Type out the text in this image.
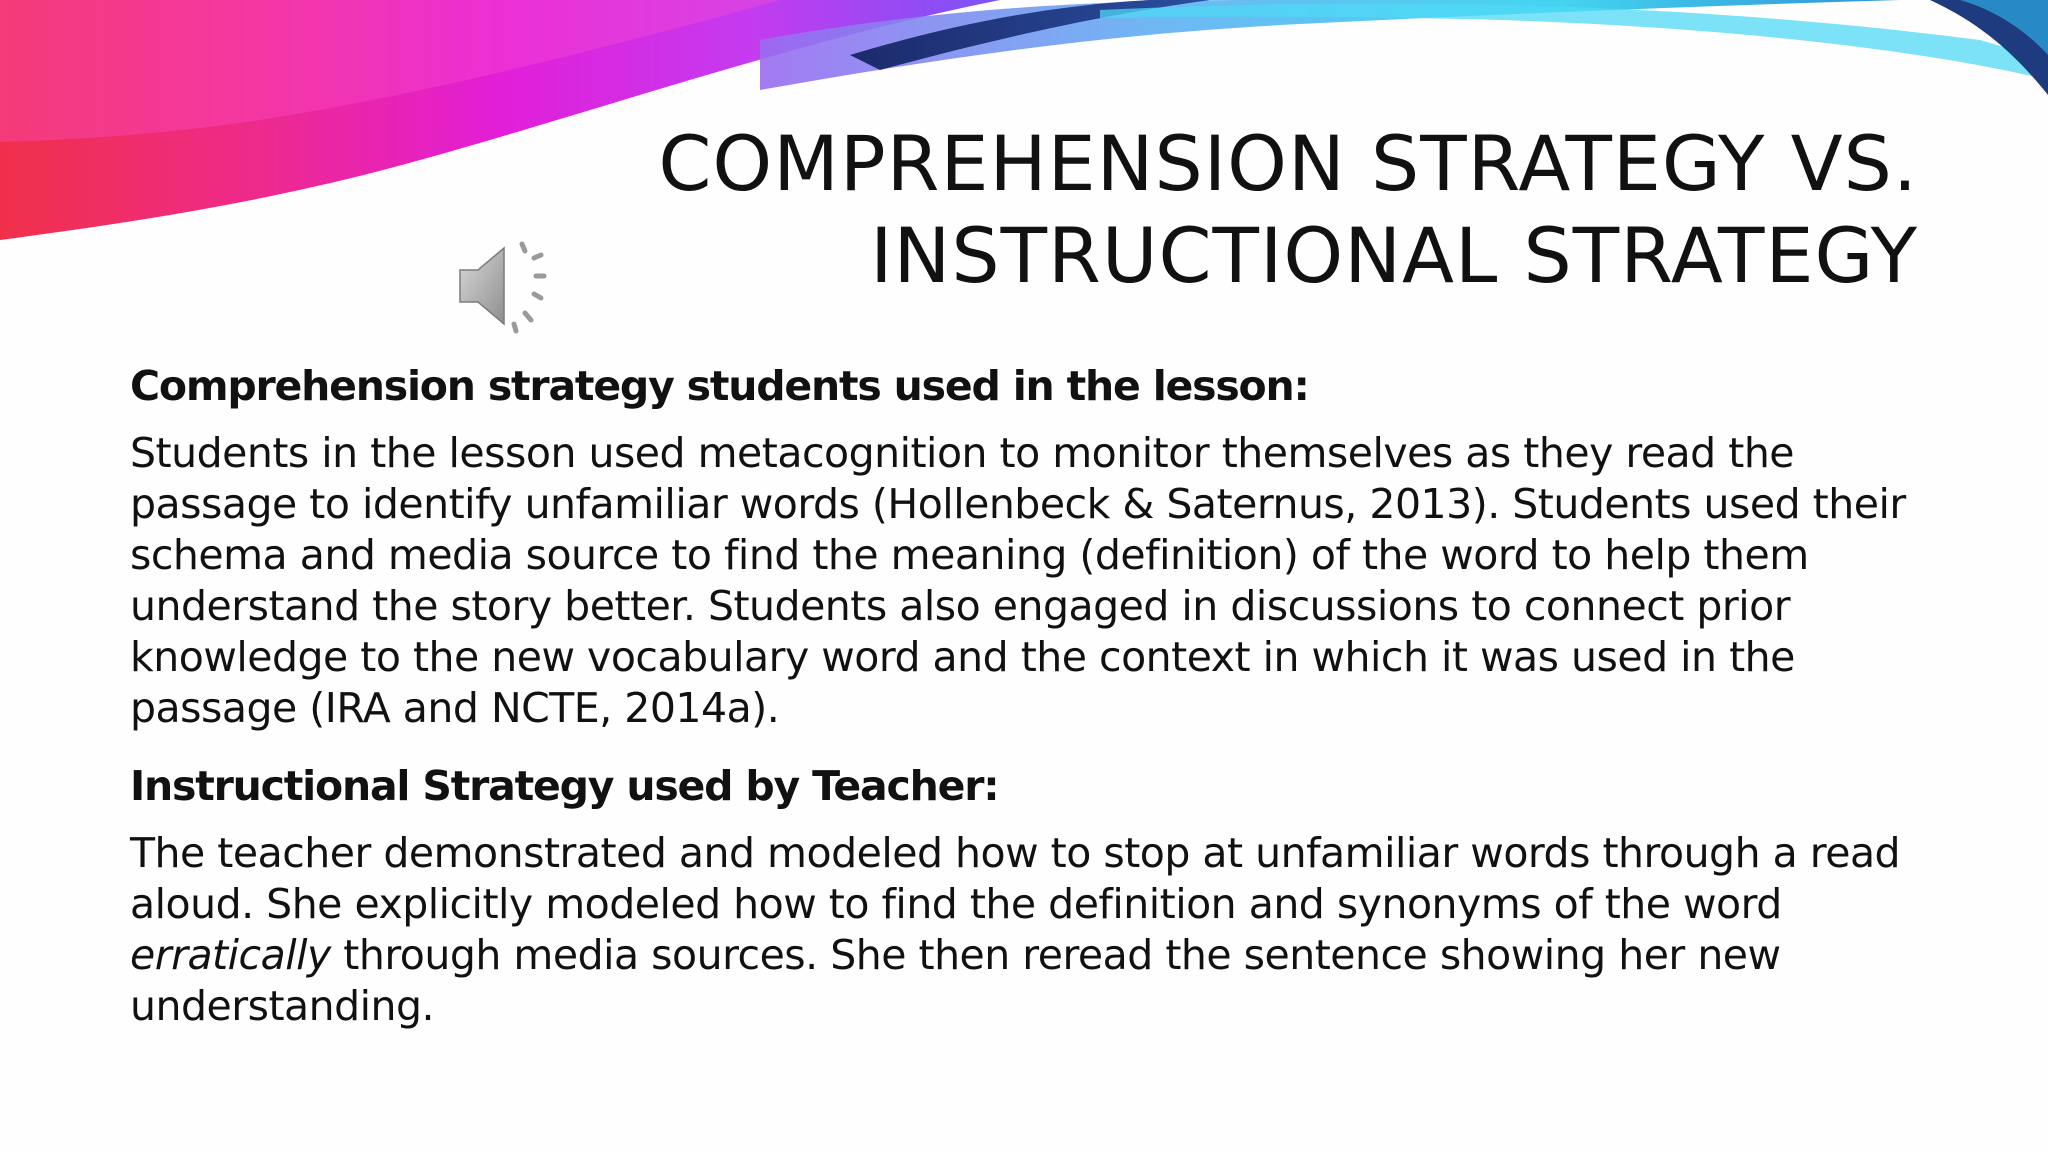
COMPREHENSION STRATEGY VS.
INSTRUCTIONAL STRATEGY

Comprehension strategy students used in the lesson:

Students in the lesson used metacognition to monitor themselves as they read the passage to identify unfamiliar words (Hollenbeck & Saternus, 2013). Students used their schema and media source to find the meaning (definition) of the word to help them understand the story better. Students also engaged in discussions to connect prior knowledge to the new vocabulary word and the context in which it was used in the passage (IRA and NCTE, 2014a).

Instructional Strategy used by Teacher:

The teacher demonstrated and modeled how to stop at unfamiliar words through a read aloud. She explicitly modeled how to find the definition and synonyms of the word erratically through media sources. She then reread the sentence showing her new understanding.
